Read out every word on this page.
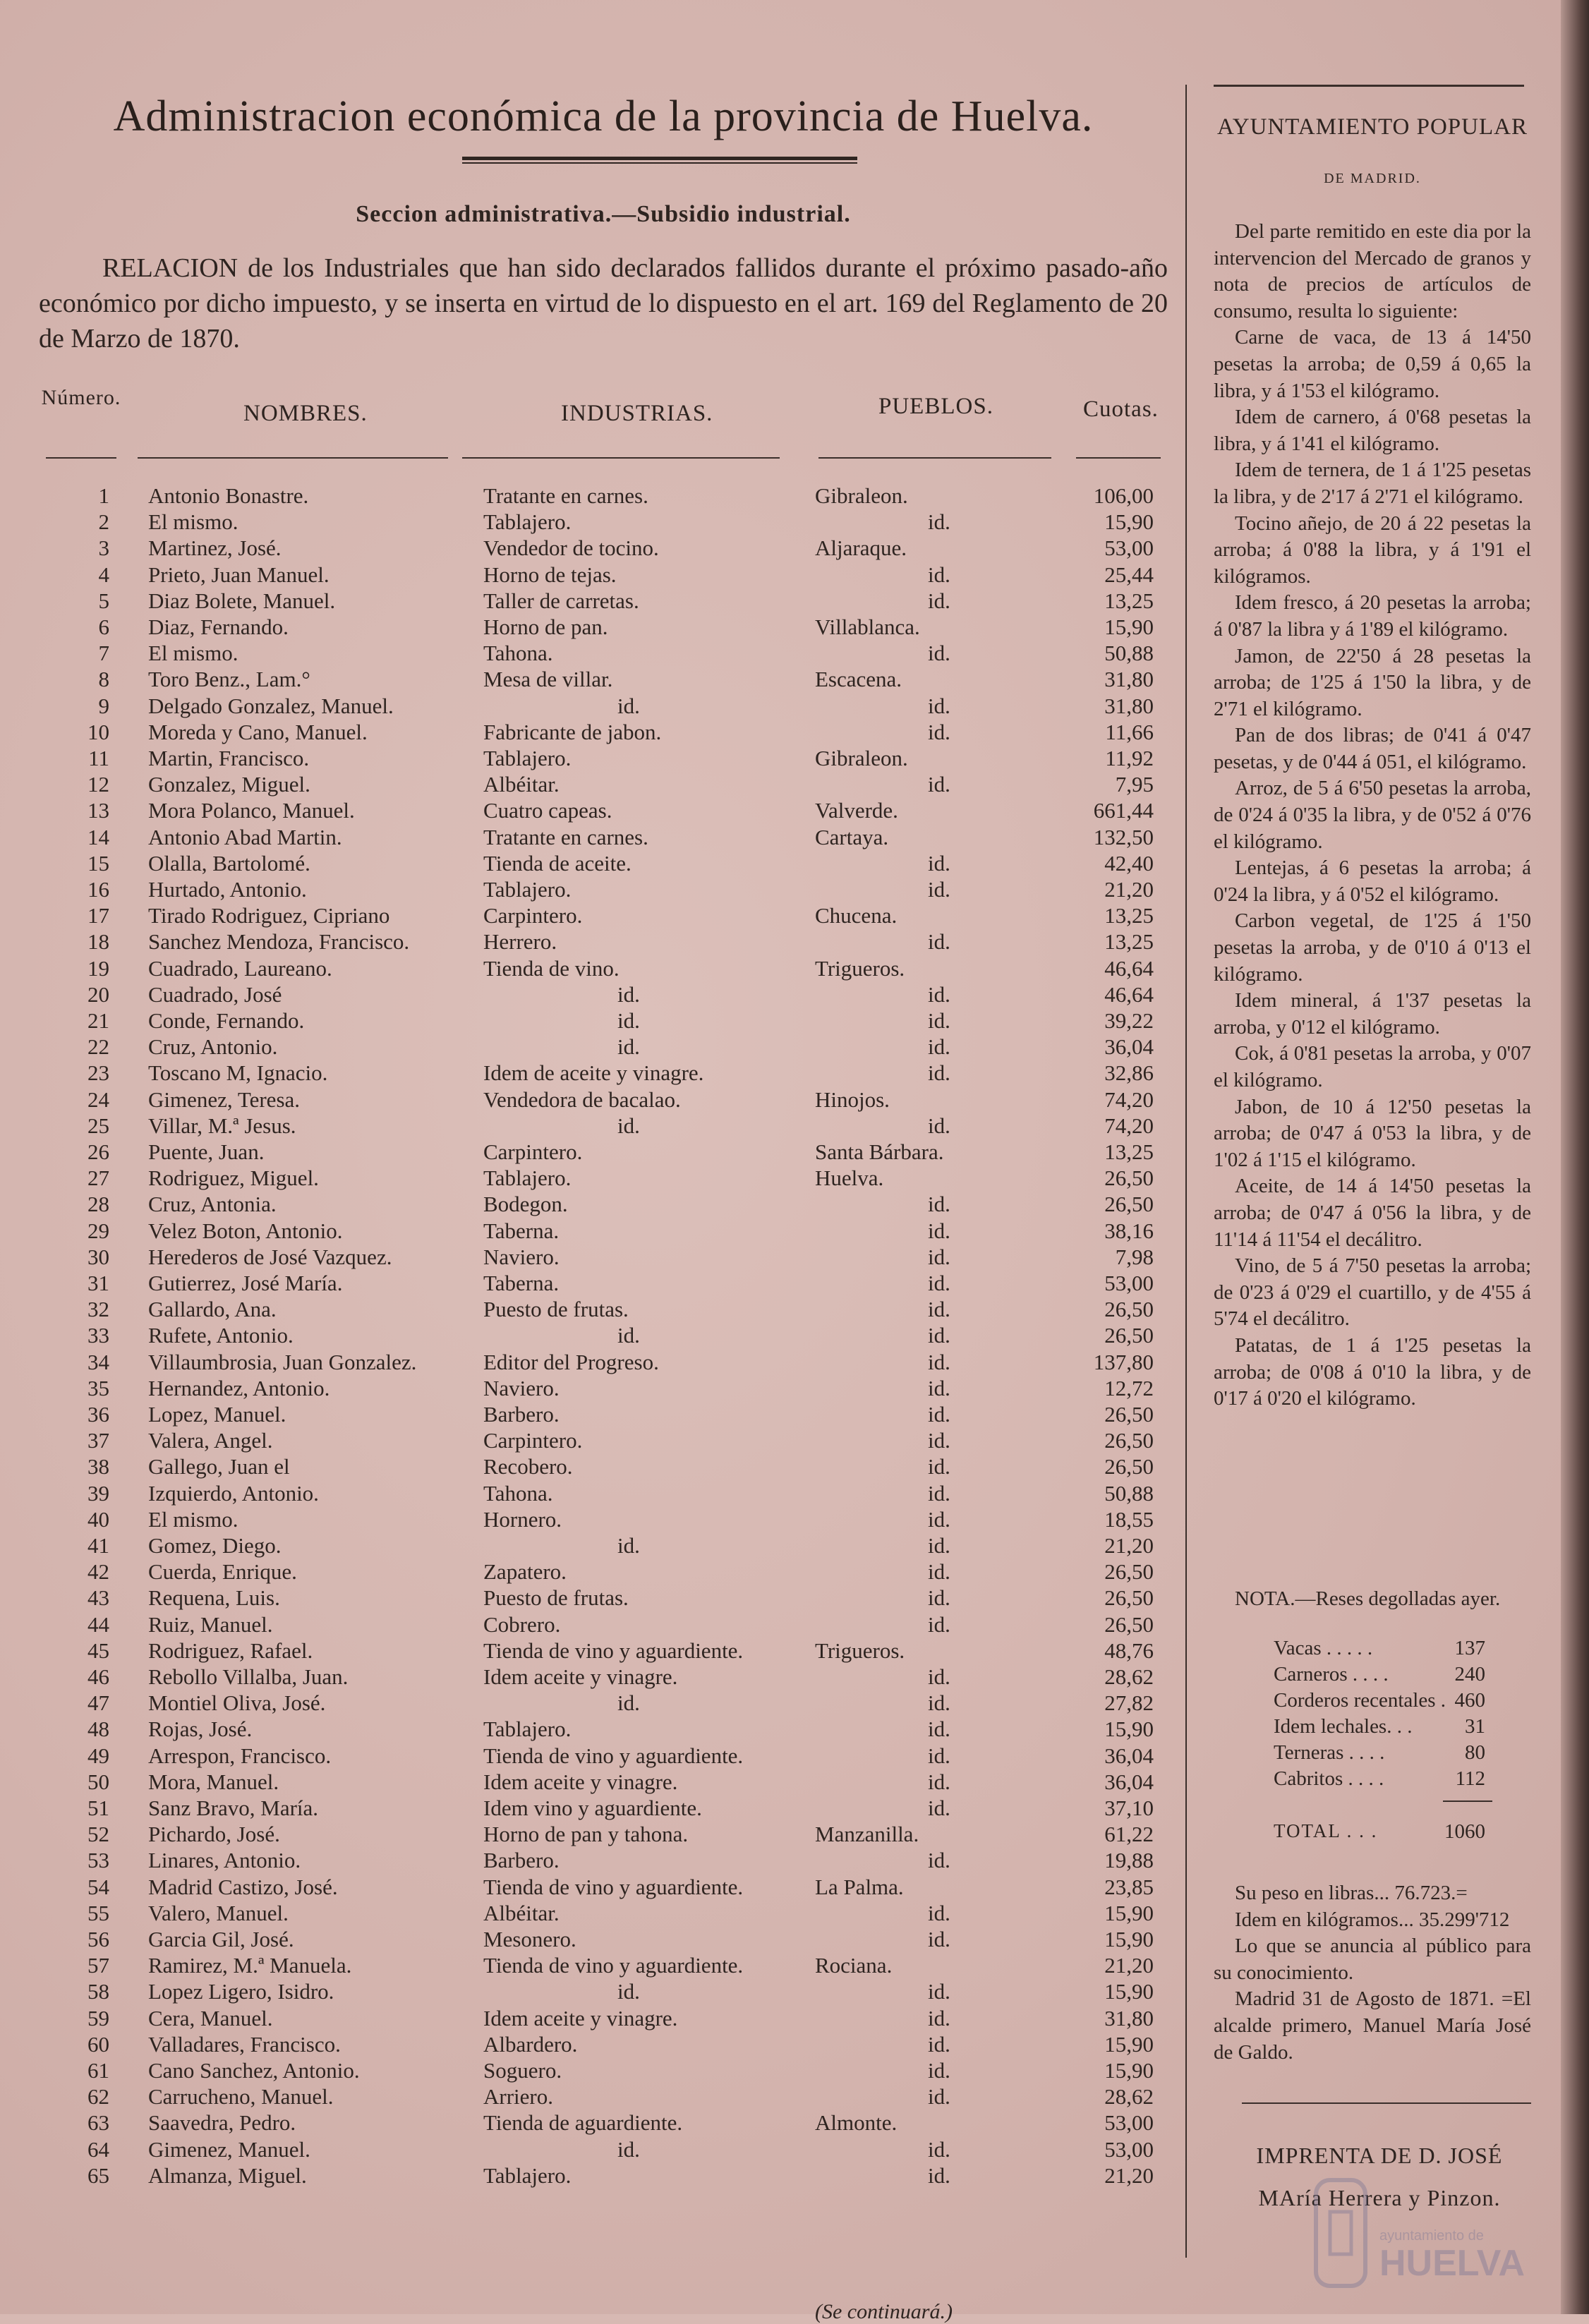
Administracion económica de la provincia de Huelva.
Seccion administrativa.—Subsidio industrial.
RELACION de los Industriales que han sido declarados fallidos durante el próximo pasado-año económico por dicho impuesto, y se inserta en virtud de lo dispuesto en el art. 169 del Reglamento de 20 de Marzo de 1870.
Número.
NOMBRES.	INDUSTRIAS.	PUEBLOS.	Cuotas.
1 Antonio Bonastre.	Tratante en carnes.	Gibraleon.	106,00
2 El mismo.	Tablajero.	id.	15,90
3 Martinez, José.	Vendedor de tocino.	Aljaraque.	53,00
4 Prieto, Juan Manuel.	Horno de tejas.	id.	25,44
5 Diaz Bolete, Manuel.	Taller de carretas.	id.	13,25
6 Diaz, Fernando.	Horno de pan.	Villablanca.	15,90
7 El mismo.	Tahona.	id.	50,88
8 Toro Benz., Lam.°	Mesa de villar.	Escacena.	31,80
9 Delgado Gonzalez, Manuel.	id.	id.	31,80
10 Moreda y Cano, Manuel.	Fabricante de jabon.	id.	11,66
11 Martin, Francisco.	Tablajero.	Gibraleon.	11,92
12 Gonzalez, Miguel.	Albéitar.	id.	7,95
13 Mora Polanco, Manuel.	Cuatro capeas.	Valverde.	661,44
14 Antonio Abad Martin.	Tratante en carnes.	Cartaya.	132,50
15 Olalla, Bartolomé.	Tienda de aceite.	id.	42,40
16 Hurtado, Antonio.	Tablajero.	id.	21,20
17 Tirado Rodriguez, Cipriano	Carpintero.	Chucena.	13,25
18 Sanchez Mendoza, Francisco.	Herrero.	id.	13,25
19 Cuadrado, Laureano.	Tienda de vino.	Trigueros.	46,64
20 Cuadrado, José	id.	id.	46,64
21 Conde, Fernando.	id.	id.	39,22
22 Cruz, Antonio.	id.	id.	36,04
23 Toscano M, Ignacio.	Idem de aceite y vinagre.	id.	32,86
24 Gimenez, Teresa.	Vendedora de bacalao.	Hinojos.	74,20
25 Villar, M.ª Jesus.	id.	id.	74,20
26 Puente, Juan.	Carpintero.	Santa Bárbara.	13,25
27 Rodriguez, Miguel.	Tablajero.	Huelva.	26,50
28 Cruz, Antonia.	Bodegon.	id.	26,50
29 Velez Boton, Antonio.	Taberna.	id.	38,16
30 Herederos de José Vazquez.	Naviero.	id.	7,98
31 Gutierrez, José María.	Taberna.	id.	53,00
32 Gallardo, Ana.	Puesto de frutas.	id.	26,50
33 Rufete, Antonio.	id.	id.	26,50
34 Villaumbrosia, Juan Gonzalez.	Editor del Progreso.	id.	137,80
35 Hernandez, Antonio.	Naviero.	id.	12,72
36 Lopez, Manuel.	Barbero.	id.	26,50
37 Valera, Angel.	Carpintero.	id.	26,50
38 Gallego, Juan el	Recobero.	id.	26,50
39 Izquierdo, Antonio.	Tahona.	id.	50,88
40 El mismo.	Hornero.	id.	18,55
41 Gomez, Diego.	id.	id.	21,20
42 Cuerda, Enrique.	Zapatero.	id.	26,50
43 Requena, Luis.	Puesto de frutas.	id.	26,50
44 Ruiz, Manuel.	Cobrero.	id.	26,50
45 Rodriguez, Rafael.	Tienda de vino y aguardiente.	Trigueros.	48,76
46 Rebollo Villalba, Juan.	Idem aceite y vinagre.	id.	28,62
47 Montiel Oliva, José.	id.	id.	27,82
48 Rojas, José.	Tablajero.	id.	15,90
49 Arrespon, Francisco.	Tienda de vino y aguardiente.	id.	36,04
50 Mora, Manuel.	Idem aceite y vinagre.	id.	36,04
51 Sanz Bravo, María.	Idem vino y aguardiente.	id.	37,10
52 Pichardo, José.	Horno de pan y tahona.	Manzanilla.	61,22
53 Linares, Antonio.	Barbero.	id.	19,88
54 Madrid Castizo, José.	Tienda de vino y aguardiente.	La Palma.	23,85
55 Valero, Manuel.	Albéitar.	id.	15,90
56 Garcia Gil, José.	Mesonero.	id.	15,90
57 Ramirez, M.ª Manuela.	Tienda de vino y aguardiente.	Rociana.	21,20
58 Lopez Ligero, Isidro.	id.	id.	15,90
59 Cera, Manuel.	Idem aceite y vinagre.	id.	31,80
60 Valladares, Francisco.	Albardero.	id.	15,90
61 Cano Sanchez, Antonio.	Soguero.	id.	15,90
62 Carrucheno, Manuel.	Arriero.	id.	28,62
63 Saavedra, Pedro.	Tienda de aguardiente.	Almonte.	53,00
64 Gimenez, Manuel.	id.	id.	53,00
65 Almanza, Miguel.	Tablajero.	id.	21,20
(Se continuará.)
AYUNTAMIENTO POPULAR
DE MADRID.

Del parte remitido en este dia por la intervencion del Mercado de granos y nota de precios de artículos de consumo, resulta lo siguiente:

Carne de vaca, de 13 á 14'50 pesetas la arroba; de 0,59 á 0,65 la libra, y á 1'53 el kilógramo.

Idem de carnero, á 0'68 pesetas la libra, y á 1'41 el kilógramo.

Idem de ternera, de 1 á 1'25 pesetas la libra, y de 2'17 á 2'71 el kilógramo.

Tocino añejo, de 20 á 22 pesetas la arroba; á 0'88 la libra, y á 1'91 el kilógramos.

Idem fresco, á 20 pesetas la arroba; á 0'87 la libra y á 1'89 el kilógramo.

Jamon, de 22'50 á 28 pesetas la arroba; de 1'25 á 1'50 la libra, y de 2'71 el kilógramo.

Pan de dos libras; de 0'41 á 0'47 pesetas, y de 0'44 á 051, el kilógramo.

Arroz, de 5 á 6'50 pesetas la arroba, de 0'24 á 0'35 la libra, y de 0'52 á 0'76 el kilógramo.

Lentejas, á 6 pesetas la arroba; á 0'24 la libra, y á 0'52 el kilógramo.

Carbon vegetal, de 1'25 á 1'50 pesetas la arroba, y de 0'10 á 0'13 el kilógramo.

Idem mineral, á 1'37 pesetas la arroba, y 0'12 el kilógramo.

Cok, á 0'81 pesetas la arroba, y 0'07 el kilógramo.

Jabon, de 10 á 12'50 pesetas la arroba; de 0'47 á 0'53 la libra, y de 1'02 á 1'15 el kilógramo.

Aceite, de 14 á 14'50 pesetas la arroba; de 0'47 á 0'56 la libra, y de 11'14 á 11'54 el decálitro.

Vino, de 5 á 7'50 pesetas la arroba; de 0'23 á 0'29 el cuartillo, y de 4'55 á 5'74 el decálitro.

Patatas, de 1 á 1'25 pesetas la arroba; de 0'08 á 0'10 la libra, y de 0'17 á 0'20 el kilógramo.

NOTA.—Reses degolladas ayer.
Vacas . . . . .	137
Carneros . . . .	240
Corderos recentales . 460
Idem lechales. . .	31
Terneras . . . .	80
Cabritos . . . .	112
TOTAL . . .	1060

Su peso en libras... 76.723.=

Idem en kilógramos... 35.299'712

Lo que se anuncia al público para su conocimiento.

Madrid 31 de Agosto de 1871. =El alcalde primero, Manuel María José de Galdo.

IMPRENTA DE D. JOSÉ MAría Herrera y Pinzon.
ayuntamiento de
HUELVA
